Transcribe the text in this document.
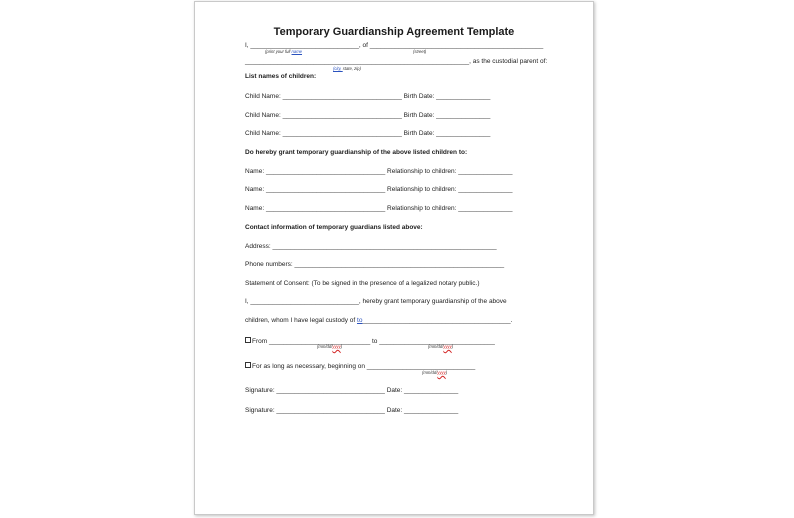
Temporary Guardianship Agreement Template
I, ______________________________, of ________________________________________________
(print your full name	(street)
______________________________________________________________, as the custodial parent of:
(city, state, zip)
List names of children:
Child Name: _________________________________ Birth Date: _______________
Child Name: _________________________________ Birth Date: _______________
Child Name: _________________________________ Birth Date: _______________
Do hereby grant temporary guardianship of the above listed children to:
Name: _________________________________ Relationship to children: _______________
Name: _________________________________ Relationship to children: _______________
Name: _________________________________ Relationship to children: _______________
Contact information of temporary guardians listed above:
Address: ______________________________________________________________
Phone numbers: __________________________________________________________
Statement of Consent: (To be signed in the presence of a legalized notary public.)
I, ______________________________, hereby grant temporary guardianship of the above
children, whom I have legal custody of to_________________________________________.
From ____________________________ to ________________________________
(mm/dd/yyyy)	(mm/dd/yyyy)
For as long as necessary, beginning on ______________________________
(mm/dd/yyyy)
Signature: ______________________________ Date: _______________
Signature: ______________________________ Date: _______________
